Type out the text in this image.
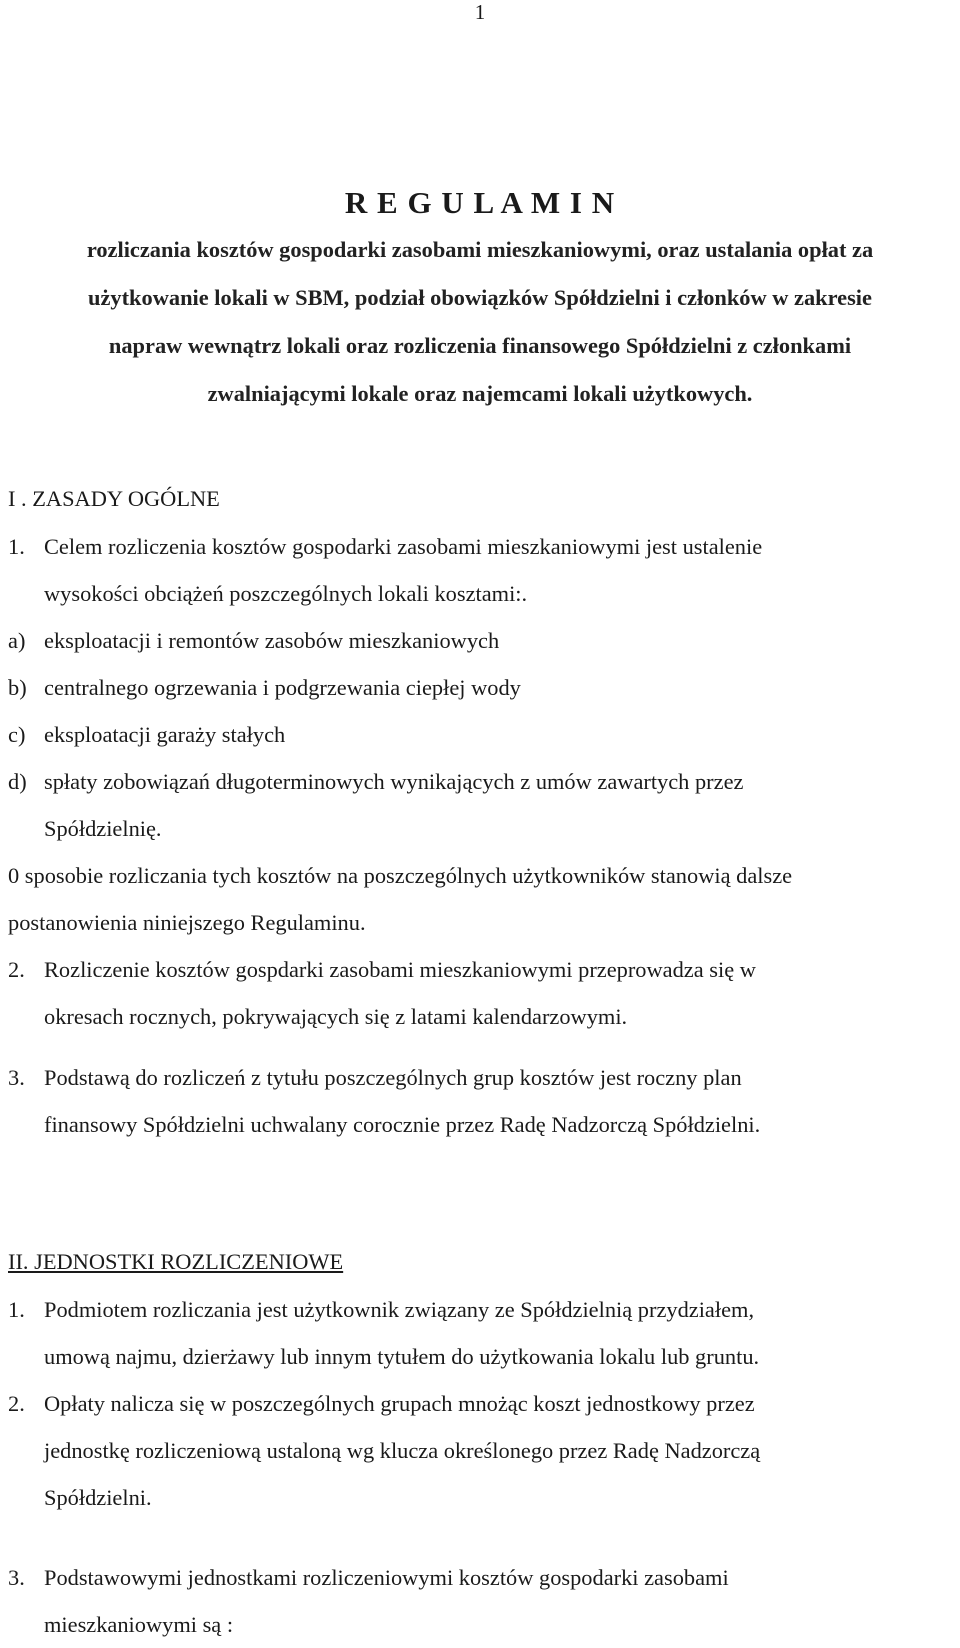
1
R E G U L A M I N
rozliczania kosztów gospodarki zasobami mieszkaniowymi, oraz ustalania opłat za
użytkowanie lokali w SBM, podział obowiązków Spółdzielni i członków w zakresie
napraw wewnątrz lokali oraz rozliczenia finansowego Spółdzielni z członkami
zwalniającymi lokale oraz najemcami lokali użytkowych.
I . ZASADY OGÓLNE
1. Celem rozliczenia kosztów gospodarki zasobami mieszkaniowymi jest ustalenie
wysokości obciążeń poszczególnych lokali kosztami:.
a) eksploatacji i remontów zasobów mieszkaniowych
b) centralnego ogrzewania i podgrzewania ciepłej wody
c) eksploatacji garaży stałych
d) spłaty zobowiązań długoterminowych wynikających z umów zawartych przez
Spółdzielnię.
0 sposobie rozliczania tych kosztów na poszczególnych użytkowników stanowią dalsze
postanowienia niniejszego Regulaminu.
2. Rozliczenie kosztów gospdarki zasobami mieszkaniowymi przeprowadza się w
okresach rocznych, pokrywających się z latami kalendarzowymi.
3. Podstawą do rozliczeń z tytułu poszczególnych grup kosztów jest roczny plan
finansowy Spółdzielni uchwalany corocznie przez Radę Nadzorczą Spółdzielni.
II. JEDNOSTKI ROZLICZENIOWE
1. Podmiotem rozliczania jest użytkownik związany ze Spółdzielnią przydziałem,
umową najmu, dzierżawy lub innym tytułem do użytkowania lokalu lub gruntu.
2. Opłaty nalicza się w poszczególnych grupach mnożąc koszt jednostkowy przez
jednostkę rozliczeniową ustaloną wg klucza określonego przez Radę Nadzorczą
Spółdzielni.
3. Podstawowymi jednostkami rozliczeniowymi kosztów gospodarki zasobami
mieszkaniowymi są :
